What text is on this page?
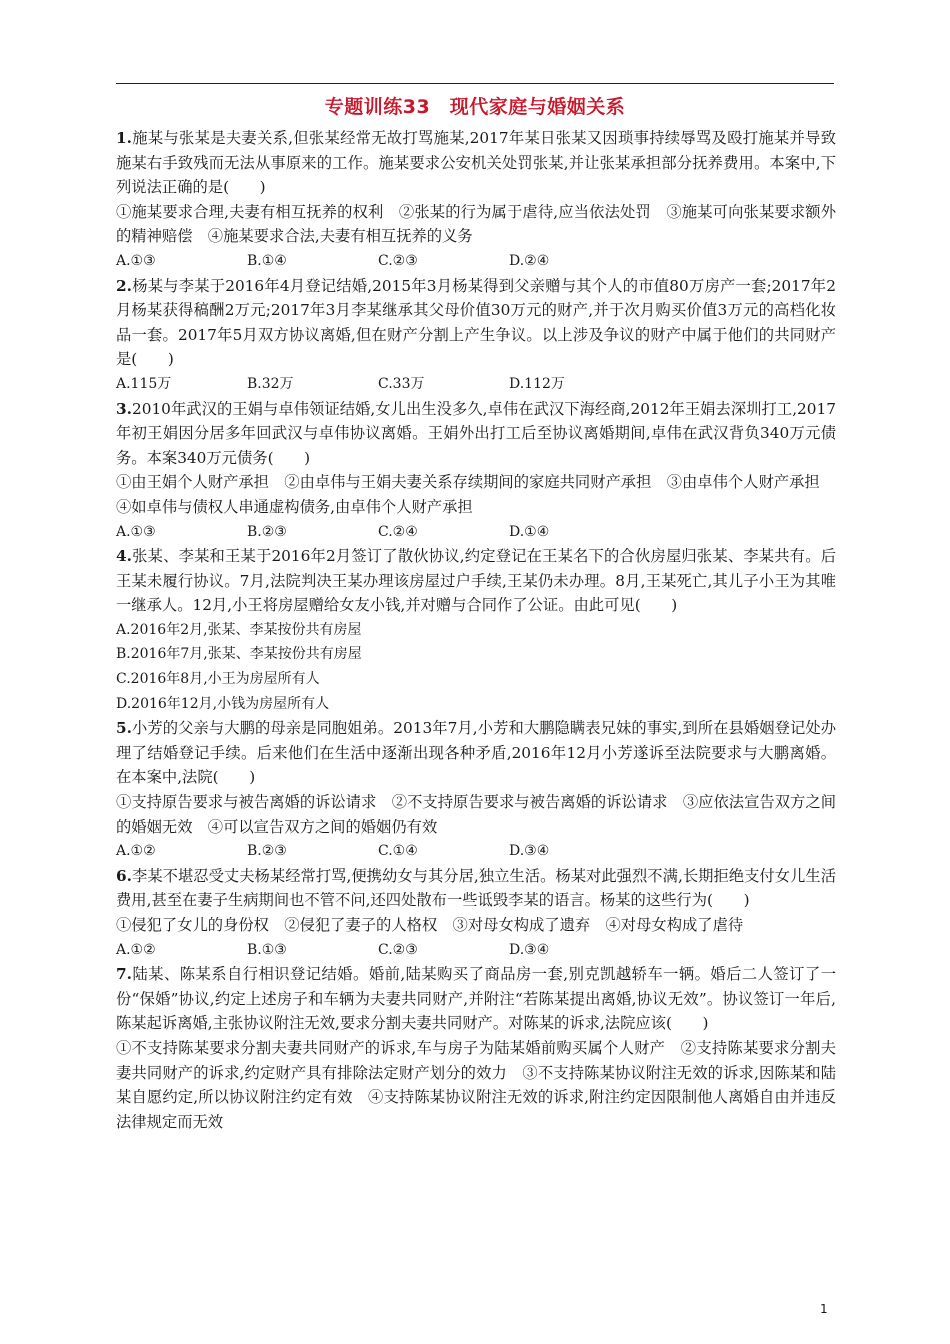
专题训练33　现代家庭与婚姻关系

1.施某与张某是夫妻关系,但张某经常无故打骂施某,2017年某日张某又因琐事持续辱骂及殴打施某并导致施某右手致残而无法从事原来的工作。施某要求公安机关处罚张某,并让张某承担部分抚养费用。本案中,下列说法正确的是(　　)

①施某要求合理,夫妻有相互抚养的权利　②张某的行为属于虐待,应当依法处罚　③施某可向张某要求额外的精神赔偿　④施某要求合法,夫妻有相互抚养的义务

A.①③	B.①④	C.②③	D.②④

2.杨某与李某于2016年4月登记结婚,2015年3月杨某得到父亲赠与其个人的市值80万房产一套;2017年2月杨某获得稿酬2万元;2017年3月李某继承其父母价值30万元的财产,并于次月购买价值3万元的高档化妆品一套。2017年5月双方协议离婚,但在财产分割上产生争议。以上涉及争议的财产中属于他们的共同财产是(　　)

A.115万	B.32万	C.33万	D.112万

3.2010年武汉的王娟与卓伟领证结婚,女儿出生没多久,卓伟在武汉下海经商,2012年王娟去深圳打工,2017年初王娟因分居多年回武汉与卓伟协议离婚。王娟外出打工后至协议离婚期间,卓伟在武汉背负340万元债务。本案340万元债务(　　)

①由王娟个人财产承担　②由卓伟与王娟夫妻关系存续期间的家庭共同财产承担　③由卓伟个人财产承担

④如卓伟与债权人串通虚构债务,由卓伟个人财产承担

A.①③	B.②③	C.②④	D.①④

4.张某、李某和王某于2016年2月签订了散伙协议,约定登记在王某名下的合伙房屋归张某、李某共有。后王某未履行协议。7月,法院判决王某办理该房屋过户手续,王某仍未办理。8月,王某死亡,其儿子小王为其唯一继承人。12月,小王将房屋赠给女友小钱,并对赠与合同作了公证。由此可见(　　)

A.2016年2月,张某、李某按份共有房屋

B.2016年7月,张某、李某按份共有房屋

C.2016年8月,小王为房屋所有人

D.2016年12月,小钱为房屋所有人

5.小芳的父亲与大鹏的母亲是同胞姐弟。2013年7月,小芳和大鹏隐瞒表兄妹的事实,到所在县婚姻登记处办理了结婚登记手续。后来他们在生活中逐渐出现各种矛盾,2016年12月小芳遂诉至法院要求与大鹏离婚。在本案中,法院(　　)

①支持原告要求与被告离婚的诉讼请求　②不支持原告要求与被告离婚的诉讼请求　③应依法宣告双方之间的婚姻无效　④可以宣告双方之间的婚姻仍有效

A.①②	B.②③	C.①④	D.③④

6.李某不堪忍受丈夫杨某经常打骂,便携幼女与其分居,独立生活。杨某对此强烈不满,长期拒绝支付女儿生活费用,甚至在妻子生病期间也不管不问,还四处散布一些诋毁李某的语言。杨某的这些行为(　　)

①侵犯了女儿的身份权　②侵犯了妻子的人格权　③对母女构成了遗弃　④对母女构成了虐待

A.①②	B.①③	C.②③	D.③④

7.陆某、陈某系自行相识登记结婚。婚前,陆某购买了商品房一套,别克凯越轿车一辆。婚后二人签订了一份“保婚”协议,约定上述房子和车辆为夫妻共同财产,并附注“若陈某提出离婚,协议无效”。协议签订一年后,陈某起诉离婚,主张协议附注无效,要求分割夫妻共同财产。对陈某的诉求,法院应该(　　)

①不支持陈某要求分割夫妻共同财产的诉求,车与房子为陆某婚前购买属个人财产　②支持陈某要求分割夫妻共同财产的诉求,约定财产具有排除法定财产划分的效力　③不支持陈某协议附注无效的诉求,因陈某和陆某自愿约定,所以协议附注约定有效　④支持陈某协议附注无效的诉求,附注约定因限制他人离婚自由并违反法律规定而无效

1
